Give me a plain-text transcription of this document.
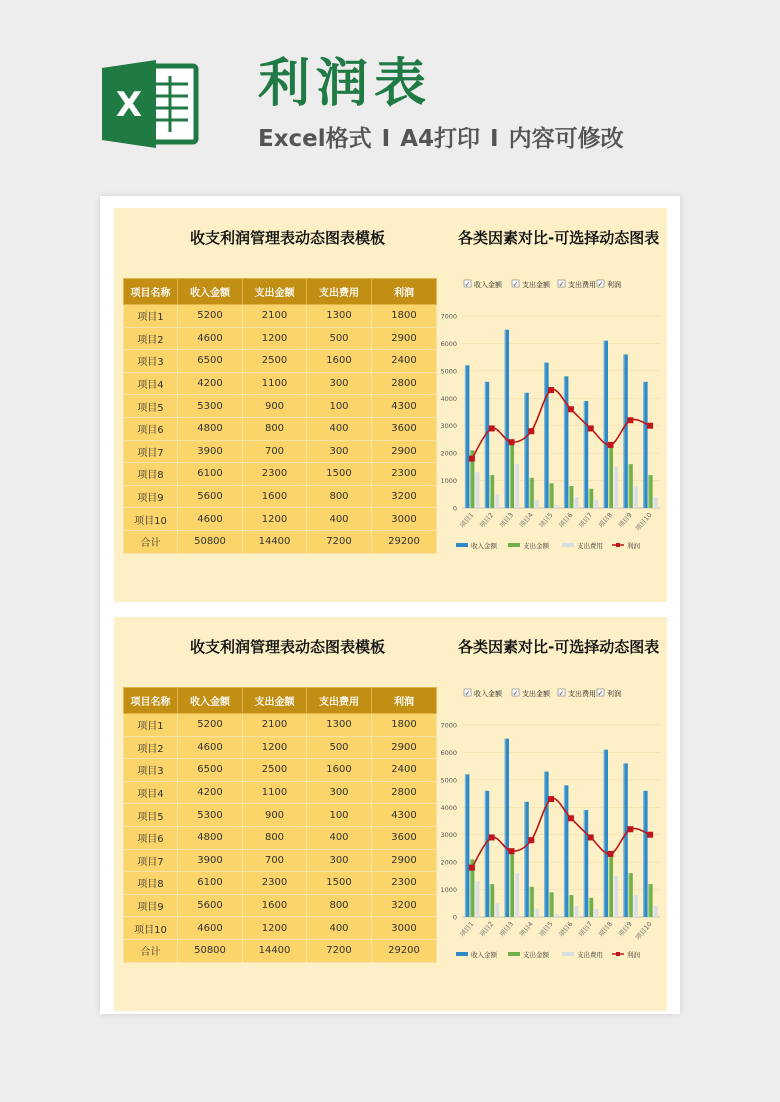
X 利润表
Excel格式 I A4打印 I 内容可修改
收支利润管理表动态图表模板	各类因素对比-可选择动态图表
项目名称	收入金额	支出金额	支出费用	利润
项目1	5200	2100	1300	1800
项目2	4600	1200	500	2900
项目3	6500	2500	1600	2400
项目4	4200	1100	300	2800
项目5	5300	900	100	4300
项目6	4800	800	400	3600
项目7	3900	700	300	2900
项目8	6100	2300	1500	2300
项目9	5600	1600	800	3200
项目10	4600	1200	400	3000
合计	50800	14400	7200	29200
✓ 收入金额 ✓ 支出金额 ✓ 支出费用 ✓ 利润
0
1000
2000
3000
4000
5000
6000
7000
项目1 项目2 项目3 项目4 项目5 项目6 项目7 项目8 项目9 项目10
收入金额	支出金额	支出费用	利润
收支利润管理表动态图表模板	各类因素对比-可选择动态图表
项目名称	收入金额	支出金额	支出费用	利润
项目1	5200	2100	1300	1800
项目2	4600	1200	500	2900
项目3	6500	2500	1600	2400
项目4	4200	1100	300	2800
项目5	5300	900	100	4300
项目6	4800	800	400	3600
项目7	3900	700	300	2900
项目8	6100	2300	1500	2300
项目9	5600	1600	800	3200
项目10	4600	1200	400	3000
合计	50800	14400	7200	29200
✓ 收入金额 ✓ 支出金额 ✓ 支出费用 ✓ 利润
0
1000
2000
3000
4000
5000
6000
7000
项目1 项目2 项目3 项目4 项目5 项目6 项目7 项目8 项目9 项目10
收入金额	支出金额	支出费用	利润
